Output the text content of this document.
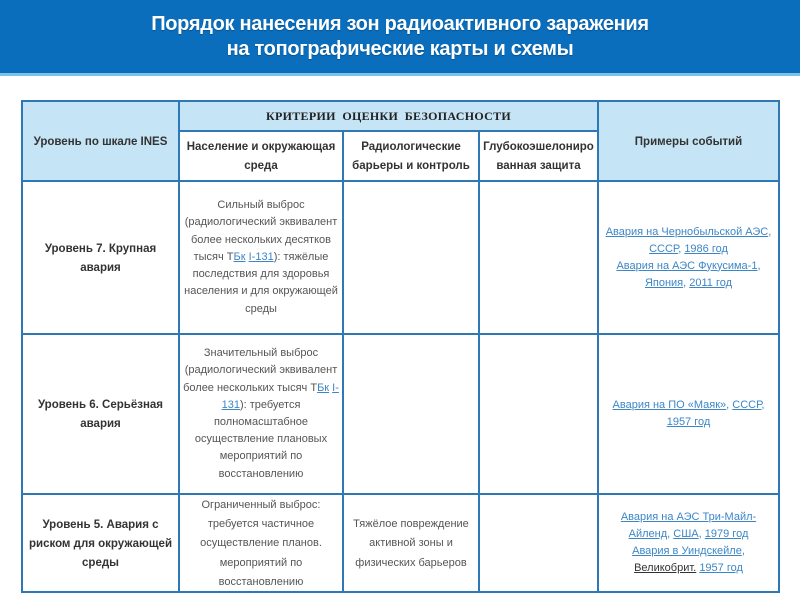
Порядок нанесения зон радиоактивного заражения
на топографические карты и схемы
Уровень по шкале INES	КРИТЕРИИ  ОЦЕНКИ  БЕЗОПАСНОСТИ			Примеры событий
	Население и окружающая среда	Радиологические барьеры и контроль	Глубокоэшелонированная защита	
Уровень 7. Крупная авария	Сильный выброс (радиологический эквивалент более нескольких десятков тысяч ТБк I-131): тяжёлые последствия для здоровья населения и для окружающей среды			Авария на Чернобыльской АЭС,
СССР, 1986 год
Авария на АЭС Фукусима-1,
Япония, 2011 год

Уровень 6. Серьёзная авария	Значительный выброс (радиологический эквивалент более нескольких тысяч ТБк I-131): требуется полномасштабное осуществление плановых мероприятий по восстановлению			Авария на ПО «Маяк», СССР,
1957 год

Уровень 5. Авария с риском для окружающей среды	Ограниченный выброс: требуется частичное осуществление планов. мероприятий по восстановлению	Тяжёлое повреждение активной зоны и физических барьеров		Авария на АЭС Три-Майл-Айленд, США, 1979 год
Авария в Уиндскейле,
Великобрит. 1957 год
